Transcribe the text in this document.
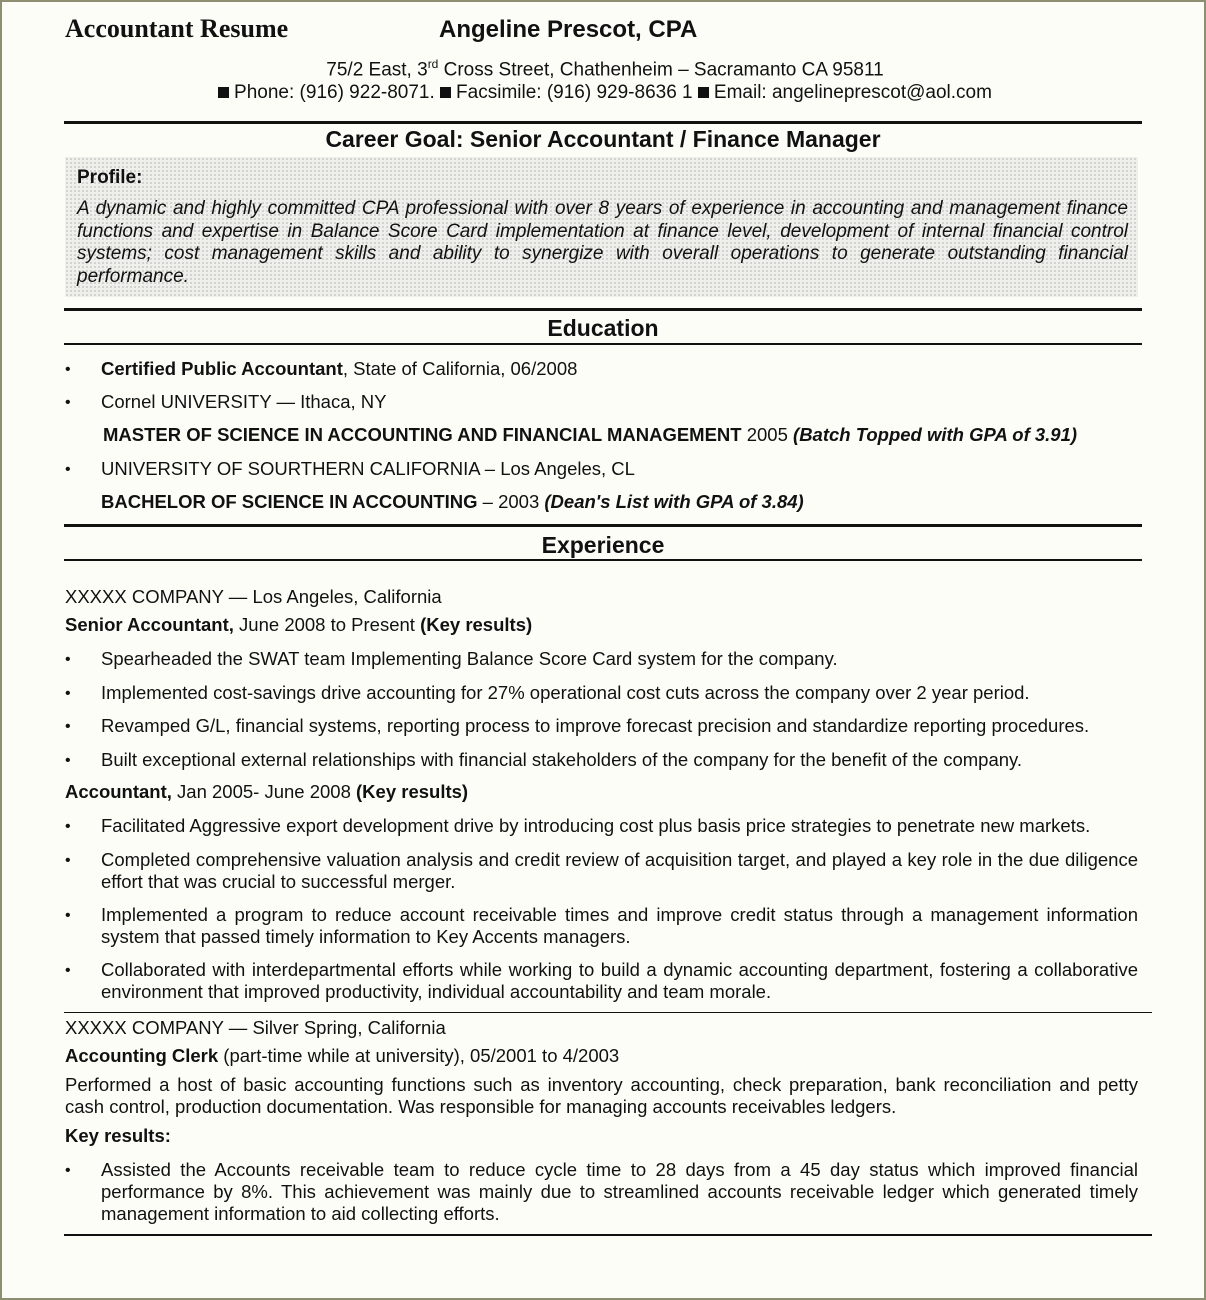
Accountant Resume	Angeline Prescot, CPA
75/2 East, 3rd Cross Street, Chathenheim – Sacramanto CA 95811
Phone: (916) 922-8071. Facsimile: (916) 929-8636 1 Email: angelineprescot@aol.com
Career Goal: Senior Accountant / Finance Manager
Profile:
A dynamic and highly committed CPA professional with over 8 years of experience in accounting and management finance functions and expertise in Balance Score Card implementation at finance level, development of internal financial control systems; cost management skills and ability to synergize with overall operations to generate outstanding financial performance.
Education
• Certified Public Accountant, State of California, 06/2008
• Cornel UNIVERSITY — Ithaca, NY
MASTER OF SCIENCE IN ACCOUNTING AND FINANCIAL MANAGEMENT 2005 (Batch Topped with GPA of 3.91)
• UNIVERSITY OF SOURTHERN CALIFORNIA – Los Angeles, CL
BACHELOR OF SCIENCE IN ACCOUNTING – 2003 (Dean's List with GPA of 3.84)
Experience
XXXXX COMPANY — Los Angeles, California
Senior Accountant, June 2008 to Present (Key results)
• Spearheaded the SWAT team Implementing Balance Score Card system for the company.
• Implemented cost-savings drive accounting for 27% operational cost cuts across the company over 2 year period.
• Revamped G/L, financial systems, reporting process to improve forecast precision and standardize reporting procedures.
• Built exceptional external relationships with financial stakeholders of the company for the benefit of the company.
Accountant, Jan 2005- June 2008 (Key results)
• Facilitated Aggressive export development drive by introducing cost plus basis price strategies to penetrate new markets.
• Completed comprehensive valuation analysis and credit review of acquisition target, and played a key role in the due diligence effort that was crucial to successful merger.
• Implemented a program to reduce account receivable times and improve credit status through a management information system that passed timely information to Key Accents managers.
• Collaborated with interdepartmental efforts while working to build a dynamic accounting department, fostering a collaborative environment that improved productivity, individual accountability and team morale.
XXXXX COMPANY — Silver Spring, California
Accounting Clerk (part-time while at university), 05/2001 to 4/2003
Performed a host of basic accounting functions such as inventory accounting, check preparation, bank reconciliation and petty cash control, production documentation. Was responsible for managing accounts receivables ledgers.
Key results:
• Assisted the Accounts receivable team to reduce cycle time to 28 days from a 45 day status which improved financial performance by 8%. This achievement was mainly due to streamlined accounts receivable ledger which generated timely management information to aid collecting efforts.
